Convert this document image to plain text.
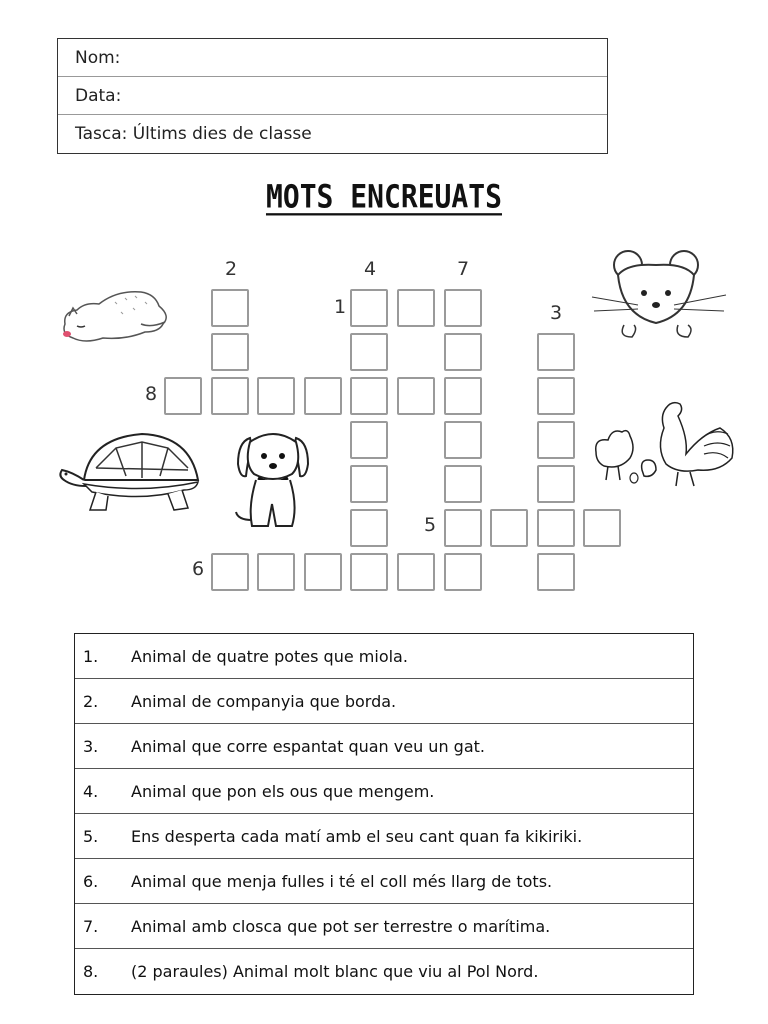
Nom:
Data:
Tasca: Últims dies de classe
MOTS ENCREUATS
2	4	7
1	3
8
5
6
1.	Animal de quatre potes que miola.
2.	Animal de companyia que borda.
3.	Animal que corre espantat quan veu un gat.
4.	Animal que pon els ous que mengem.
5.	Ens desperta cada matí amb el seu cant quan fa kikiriki.
6.	Animal que menja fulles i té el coll més llarg de tots.
7.	Animal amb closca que pot ser terrestre o marítima.
8.	(2 paraules) Animal molt blanc que viu al Pol Nord.
